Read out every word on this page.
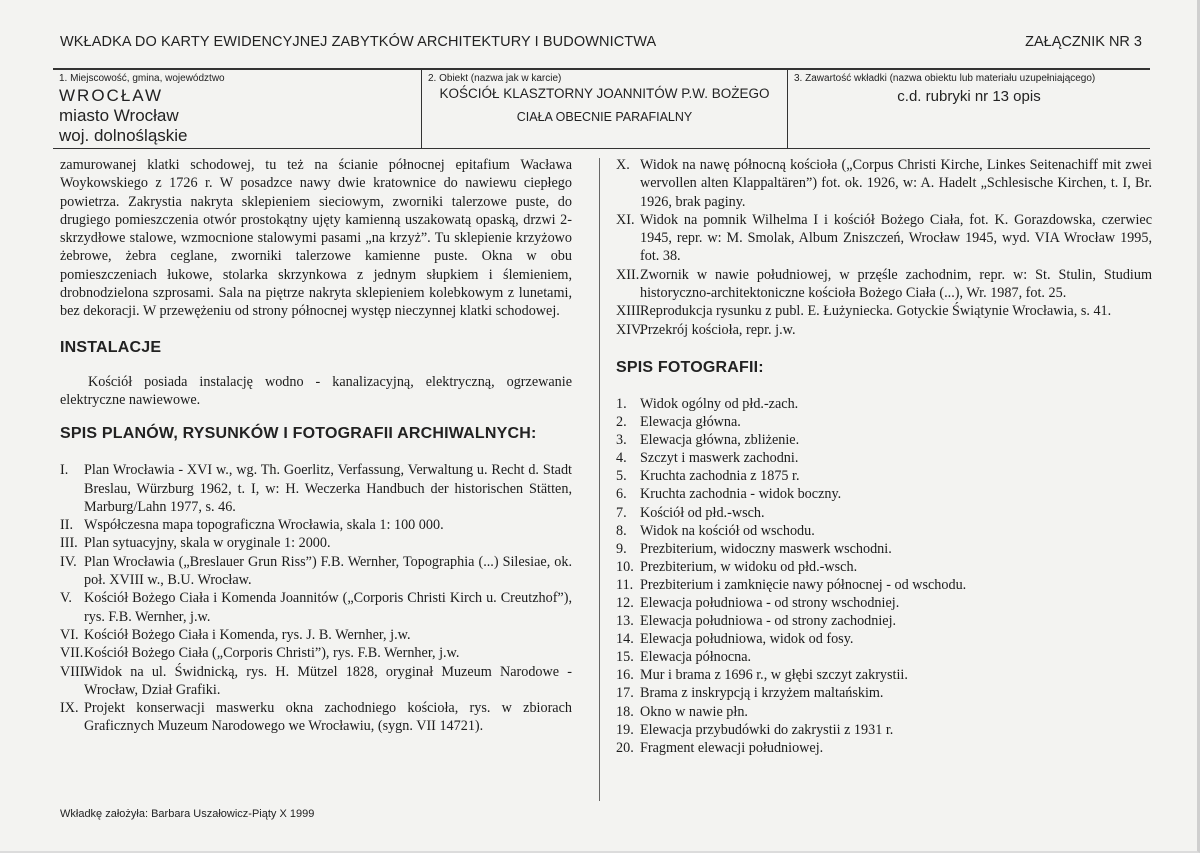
WKŁADKA DO KARTY EWIDENCYJNEJ ZABYTKÓW ARCHITEKTURY I BUDOWNICTWA	ZAŁĄCZNIK NR 3
1. Miejscowość, gmina, województwo
WROCŁAW
miasto Wrocław
woj. dolnośląskie
2. Obiekt (nazwa jak w karcie)
KOŚCIÓŁ KLASZTORNY JOANNITÓW P.W. BOŻEGO
CIAŁA OBECNIE PARAFIALNY
3. Zawartość wkładki (nazwa obiektu lub materiału uzupełniającego)
c.d. rubryki nr 13 opis

zamurowanej klatki schodowej, tu też na ścianie północnej epitafium Wacława Woykowskiego z 1726 r. W posadzce nawy dwie kratownice do nawiewu ciepłego powietrza. Zakrystia nakryta sklepieniem sieciowym, zworniki talerzowe puste, do drugiego pomieszczenia otwór prostokątny ujęty kamienną uszakowatą opaską, drzwi 2-skrzydłowe stalowe, wzmocnione stalowymi pasami „na krzyż”. Tu sklepienie krzyżowo żebrowe, żebra ceglane, zworniki talerzowe kamienne puste. Okna w obu pomieszczeniach łukowe, stolarka skrzynkowa z jednym słupkiem i ślemieniem, drobnodzielona szprosami. Sala na piętrze nakryta sklepieniem kolebkowym z lunetami, bez dekoracji. W przewężeniu od strony północnej występ nieczynnej klatki schodowej.

INSTALACJE

Kościół posiada instalację wodno - kanalizacyjną, elektryczną, ogrzewanie elektryczne nawiewowe.

SPIS PLANÓW, RYSUNKÓW I FOTOGRAFII ARCHIWALNYCH:
I. Plan Wrocławia - XVI w., wg. Th. Goerlitz, Verfassung, Verwaltung u. Recht d. Stadt Breslau, Würzburg 1962, t. I, w: H. Weczerka Handbuch der historischen Stätten, Marburg/Lahn 1977, s. 46.
II. Współczesna mapa topograficzna Wrocławia, skala 1: 100 000.
III. Plan sytuacyjny, skala w oryginale 1: 2000.
IV. Plan Wrocławia („Breslauer Grun Riss”) F.B. Wernher, Topographia (...) Silesiae, ok. poł. XVIII w., B.U. Wrocław.
V. Kościół Bożego Ciała i Komenda Joannitów („Corporis Christi Kirch u. Creutzhof”), rys. F.B. Wernher, j.w.
VI. Kościół Bożego Ciała i Komenda, rys. J. B. Wernher, j.w.
VII. Kościół Bożego Ciała („Corporis Christi”), rys. F.B. Wernher, j.w.
VIII.
Widok na ul. Świdnicką, rys. H. Mützel 1828, oryginał Muzeum Narodowe - Wrocław, Dział Grafiki.
IX. Projekt konserwacji maswerku okna zachodniego kościoła, rys. w zbiorach Graficznych Muzeum Narodowego we Wrocławiu, (sygn. VII 14721).
X. Widok na nawę północną kościoła („Corpus Christi Kirche, Linkes Seitenachiff mit zwei wervollen alten Klappaltären”) fot. ok. 1926, w: A. Hadelt „Schlesische Kirchen, t. I, Br. 1926, brak paginy.
XI. Widok na pomnik Wilhelma I i kościół Bożego Ciała, fot. K. Gorazdowska, czerwiec 1945, repr. w: M. Smolak, Album Zniszczeń, Wrocław 1945, wyd. VIA Wrocław 1995, fot. 38.
XII. Zwornik w nawie południowej, w przęśle zachodnim, repr. w: St. Stulin, Studium historyczno-architektoniczne kościoła Bożego Ciała (...), Wr. 1987, fot. 25.
XIII.
Reprodukcja rysunku z publ. E. Łużyniecka. Gotyckie Świątynie Wrocławia, s. 41.
XIV.
Przekrój kościoła, repr. j.w.
SPIS FOTOGRAFII:
1. Widok ogólny od płd.-zach.
2. Elewacja główna.
3. Elewacja główna, zbliżenie.
4. Szczyt i maswerk zachodni.
5. Kruchta zachodnia z 1875 r.
6. Kruchta zachodnia - widok boczny.
7. Kościół od płd.-wsch.
8. Widok na kościół od wschodu.
9. Prezbiterium, widoczny maswerk wschodni.
10. Prezbiterium, w widoku od płd.-wsch.
11. Prezbiterium i zamknięcie nawy północnej - od wschodu.
12. Elewacja południowa - od strony wschodniej.
13. Elewacja południowa - od strony zachodniej.
14. Elewacja południowa, widok od fosy.
15. Elewacja północna.
16. Mur i brama z 1696 r., w głębi szczyt zakrystii.
17. Brama z inskrypcją i krzyżem maltańskim.
18. Okno w nawie płn.
19. Elewacja przybudówki do zakrystii z 1931 r.
20. Fragment elewacji południowej.
Wkładkę założyła: Barbara Uszałowicz-Piąty X 1999
